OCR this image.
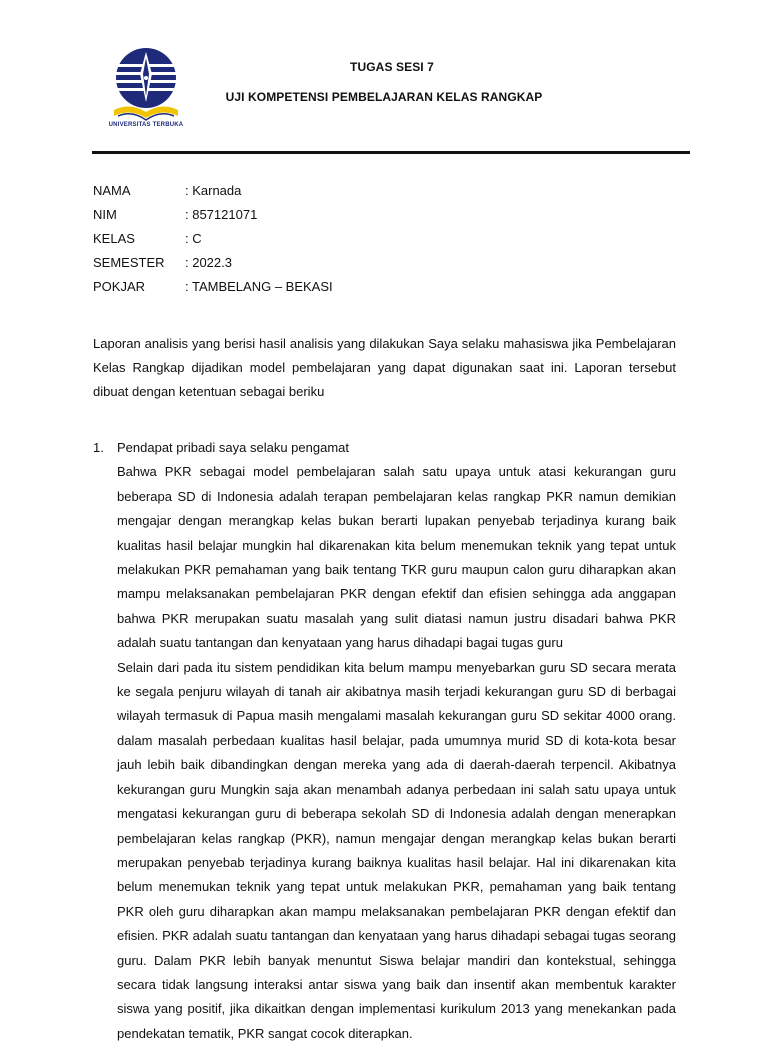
UNIVERSITAS TERBUKA
TUGAS SESI 7
UJI KOMPETENSI PEMBELAJARAN KELAS RANGKAP
NAMA	: Karnada
NIM	: 857121071
KELAS	: C
SEMESTER	: 2022.3
POKJAR	: TAMBELANG – BEKASI
Laporan analisis yang berisi hasil analisis yang dilakukan Saya selaku mahasiswa jika Pembelajaran Kelas Rangkap dijadikan model pembelajaran yang dapat digunakan saat ini. Laporan tersebut dibuat dengan ketentuan sebagai beriku
1.	Pendapat pribadi saya selaku pengamat

Bahwa PKR sebagai model pembelajaran salah satu upaya untuk atasi kekurangan guru beberapa SD di Indonesia adalah terapan pembelajaran kelas rangkap PKR namun demikian mengajar dengan merangkap kelas bukan berarti lupakan penyebab terjadinya kurang baik kualitas hasil belajar mungkin hal dikarenakan kita belum menemukan teknik yang tepat untuk melakukan PKR pemahaman yang baik tentang TKR guru maupun calon guru diharapkan akan mampu melaksanakan pembelajaran PKR dengan efektif dan efisien sehingga ada anggapan bahwa PKR merupakan suatu masalah yang sulit diatasi namun justru disadari bahwa PKR adalah suatu tantangan dan kenyataan yang harus dihadapi bagai tugas guru

Selain dari pada itu sistem pendidikan kita belum mampu menyebarkan guru SD secara merata ke segala penjuru wilayah di tanah air akibatnya masih terjadi kekurangan guru SD di berbagai wilayah termasuk di Papua masih mengalami masalah kekurangan guru SD sekitar 4000 orang. dalam masalah perbedaan kualitas hasil belajar, pada umumnya murid SD di kota-kota besar jauh lebih baik dibandingkan dengan mereka yang ada di daerah-daerah terpencil. Akibatnya kekurangan guru Mungkin saja akan menambah adanya perbedaan ini salah satu upaya untuk mengatasi kekurangan guru di beberapa sekolah SD di Indonesia adalah dengan menerapkan pembelajaran kelas rangkap (PKR), namun mengajar dengan merangkap kelas bukan berarti merupakan penyebab terjadinya kurang baiknya kualitas hasil belajar. Hal ini dikarenakan kita belum menemukan teknik yang tepat untuk melakukan PKR, pemahaman yang baik tentang PKR oleh guru diharapkan akan mampu melaksanakan pembelajaran PKR dengan efektif dan efisien. PKR adalah suatu tantangan dan kenyataan yang harus dihadapi sebagai tugas seorang guru. Dalam PKR lebih banyak menuntut Siswa belajar mandiri dan kontekstual, sehingga secara tidak langsung interaksi antar siswa yang baik dan insentif akan membentuk karakter siswa yang positif, jika dikaitkan dengan implementasi kurikulum 2013 yang menekankan pada pendekatan tematik, PKR sangat cocok diterapkan.
